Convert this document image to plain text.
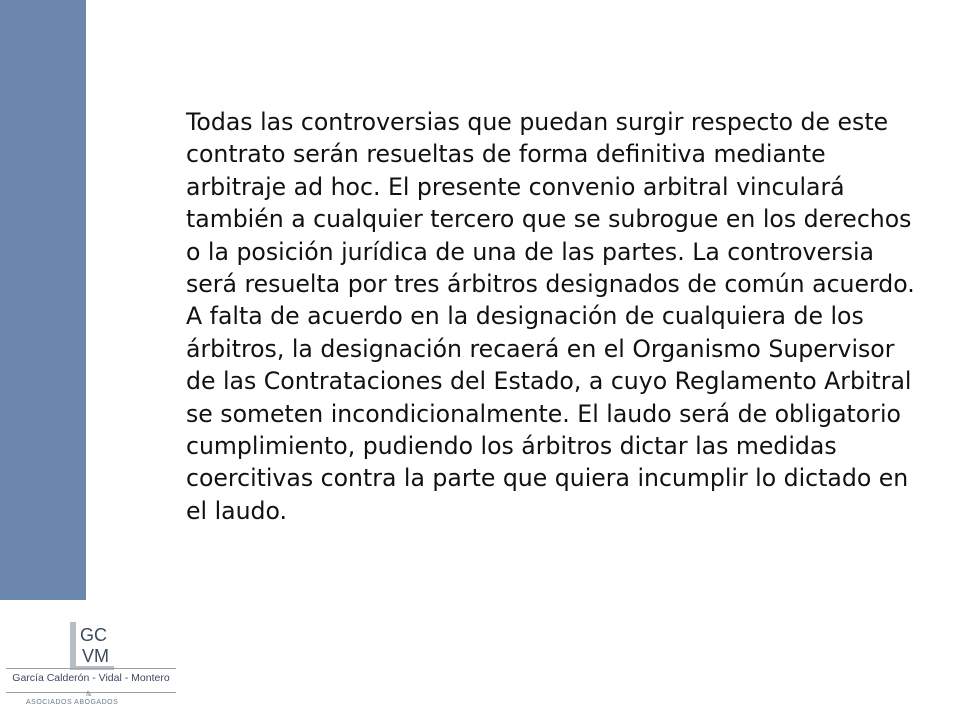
Todas las controversias que puedan surgir respecto de este contrato serán resueltas de forma definitiva mediante arbitraje ad hoc. El presente convenio arbitral vinculará también a cualquier tercero que se subrogue en los derechos o la posición jurídica de una de las partes. La controversia será resuelta por tres árbitros designados de común acuerdo. A falta de acuerdo en la designación de cualquiera de los árbitros, la designación recaerá en el Organismo Supervisor de las Contrataciones del Estado, a cuyo Reglamento Arbitral se someten incondicionalmente. El laudo será de obligatorio cumplimiento, pudiendo los árbitros dictar las medidas coercitivas contra la parte que quiera incumplir lo dictado en el laudo.

GC
VM
García Calderón - Vidal - Montero
&
ASOCIADOS ABOGADOS
